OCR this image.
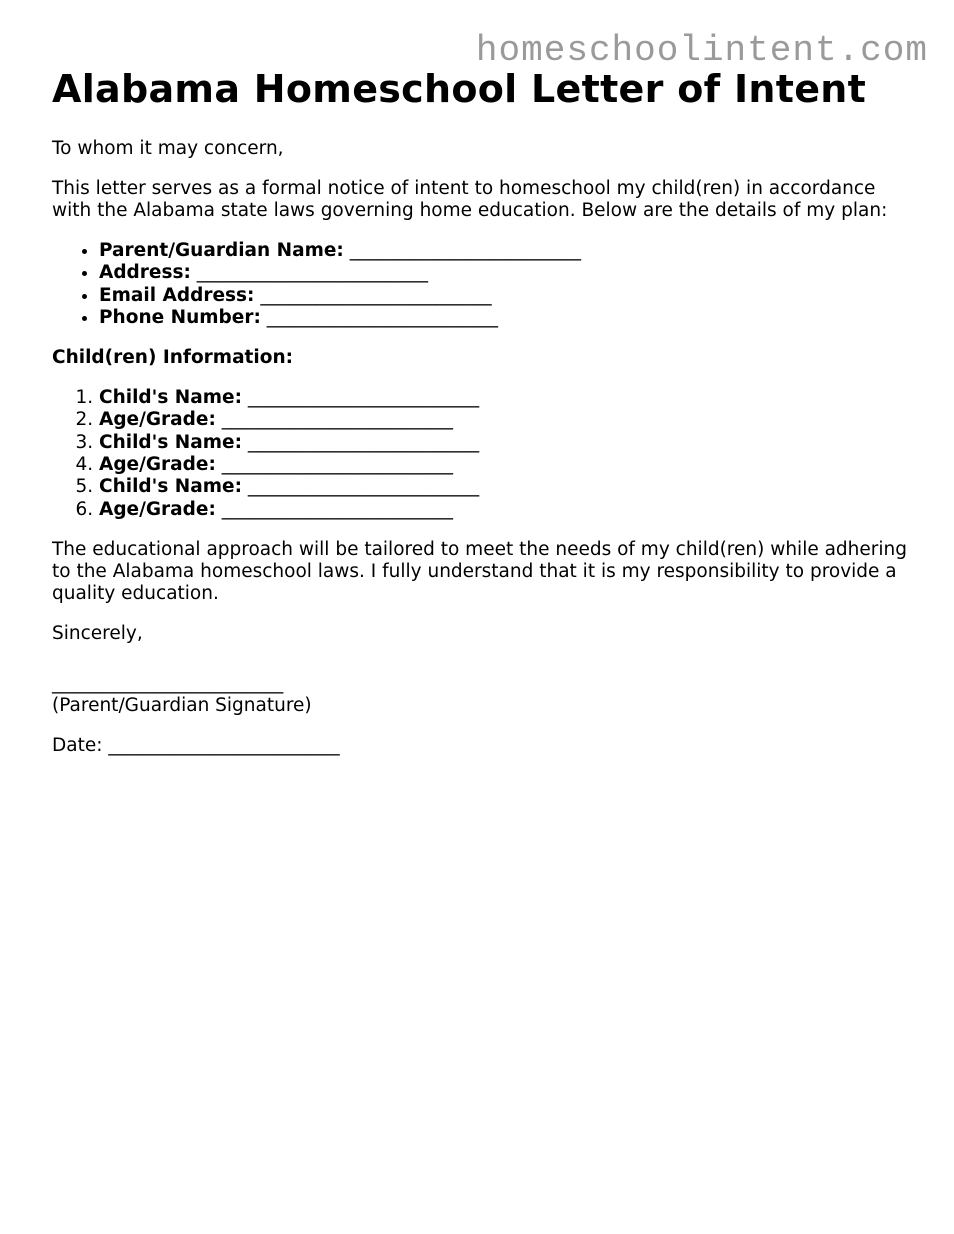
homeschoolintent.com
Alabama Homeschool Letter of Intent

To whom it may concern,

This letter serves as a formal notice of intent to homeschool my child(ren) in accordance with the Alabama state laws governing home education. Below are the details of my plan:

• Parent/Guardian Name: _________________________
• Address: _________________________
• Email Address: _________________________
• Phone Number: _________________________

Child(ren) Information:

1. Child's Name: _________________________
2. Age/Grade: _________________________
3. Child's Name: _________________________
4. Age/Grade: _________________________
5. Child's Name: _________________________
6. Age/Grade: _________________________

The educational approach will be tailored to meet the needs of my child(ren) while adhering to the Alabama homeschool laws. I fully understand that it is my responsibility to provide a quality education.

Sincerely,

_________________________

(Parent/Guardian Signature)

Date: _________________________
